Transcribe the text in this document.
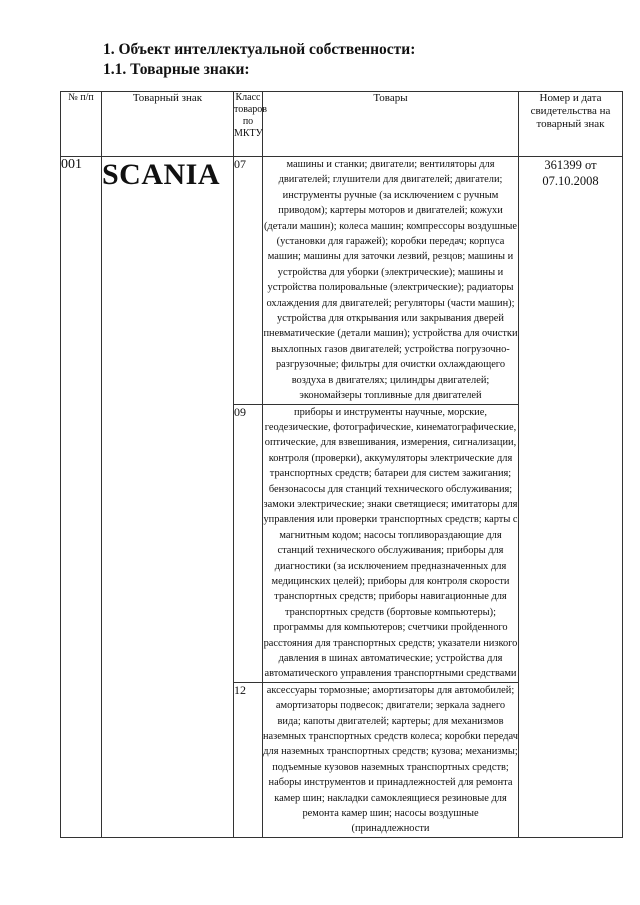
1. Объект интеллектуальной собственности:

1.1. Товарные знаки:

№ п/п	Товарный знак	Класс товаров по МКТУ	Товары	Номер и дата свидетельства на товарный знак
001	SCANIA	07	машины и станки; двигатели; вентиляторы для двигателей; глушители для двигателей; двигатели; инструменты ручные (за исключением с ручным приводом); картеры моторов и двигателей; кожухи (детали машин); колеса машин; компрессоры воздушные (установки для гаражей); коробки передач; корпуса машин; машины для заточки лезвий, резцов; машины и устройства для уборки (электрические); машины и устройства полировальные (электрические); радиаторы охлаждения для двигателей; регуляторы (части машин); устройства для открывания или закрывания дверей пневматические (детали машин); устройства для очистки выхлопных газов двигателей; устройства погрузочно-разгрузочные; фильтры для очистки охлаждающего воздуха в двигателях; цилиндры двигателей; экономайзеры топливные для двигателей	361399 от 07.10.2008
		09	приборы и инструменты научные, морские, геодезические, фотографические, кинематографические, оптические, для взвешивания, измерения, сигнализации, контроля (проверки), аккумуляторы электрические для транспортных средств; батареи для систем зажигания; бензонасосы для станций технического обслуживания; замоки электрические; знаки светящиеся; имитаторы для управления или проверки транспортных средств; карты с магнитным кодом; насосы топливораздающие для станций технического обслуживания; приборы для диагностики (за исключением предназначенных для медицинских целей); приборы для контроля скорости транспортных средств; приборы навигационные для транспортных средств (бортовые компьютеры); программы для компьютеров; счетчики пройденного расстояния для транспортных средств; указатели низкого давления в шинах автоматические; устройства для автоматического управления транспортными средствами	
		12	аксессуары тормозные; амортизаторы для автомобилей; амортизаторы подвесок; двигатели; зеркала заднего вида; капоты двигателей; картеры; для механизмов наземных транспортных средств колеса; коробки передач для наземных транспортных средств; кузова; механизмы; подъемные кузовов наземных транспортных средств; наборы инструментов и принадлежностей для ремонта камер шин; накладки самоклеящиеся резиновые для ремонта камер шин; насосы воздушные (принадлежности	
